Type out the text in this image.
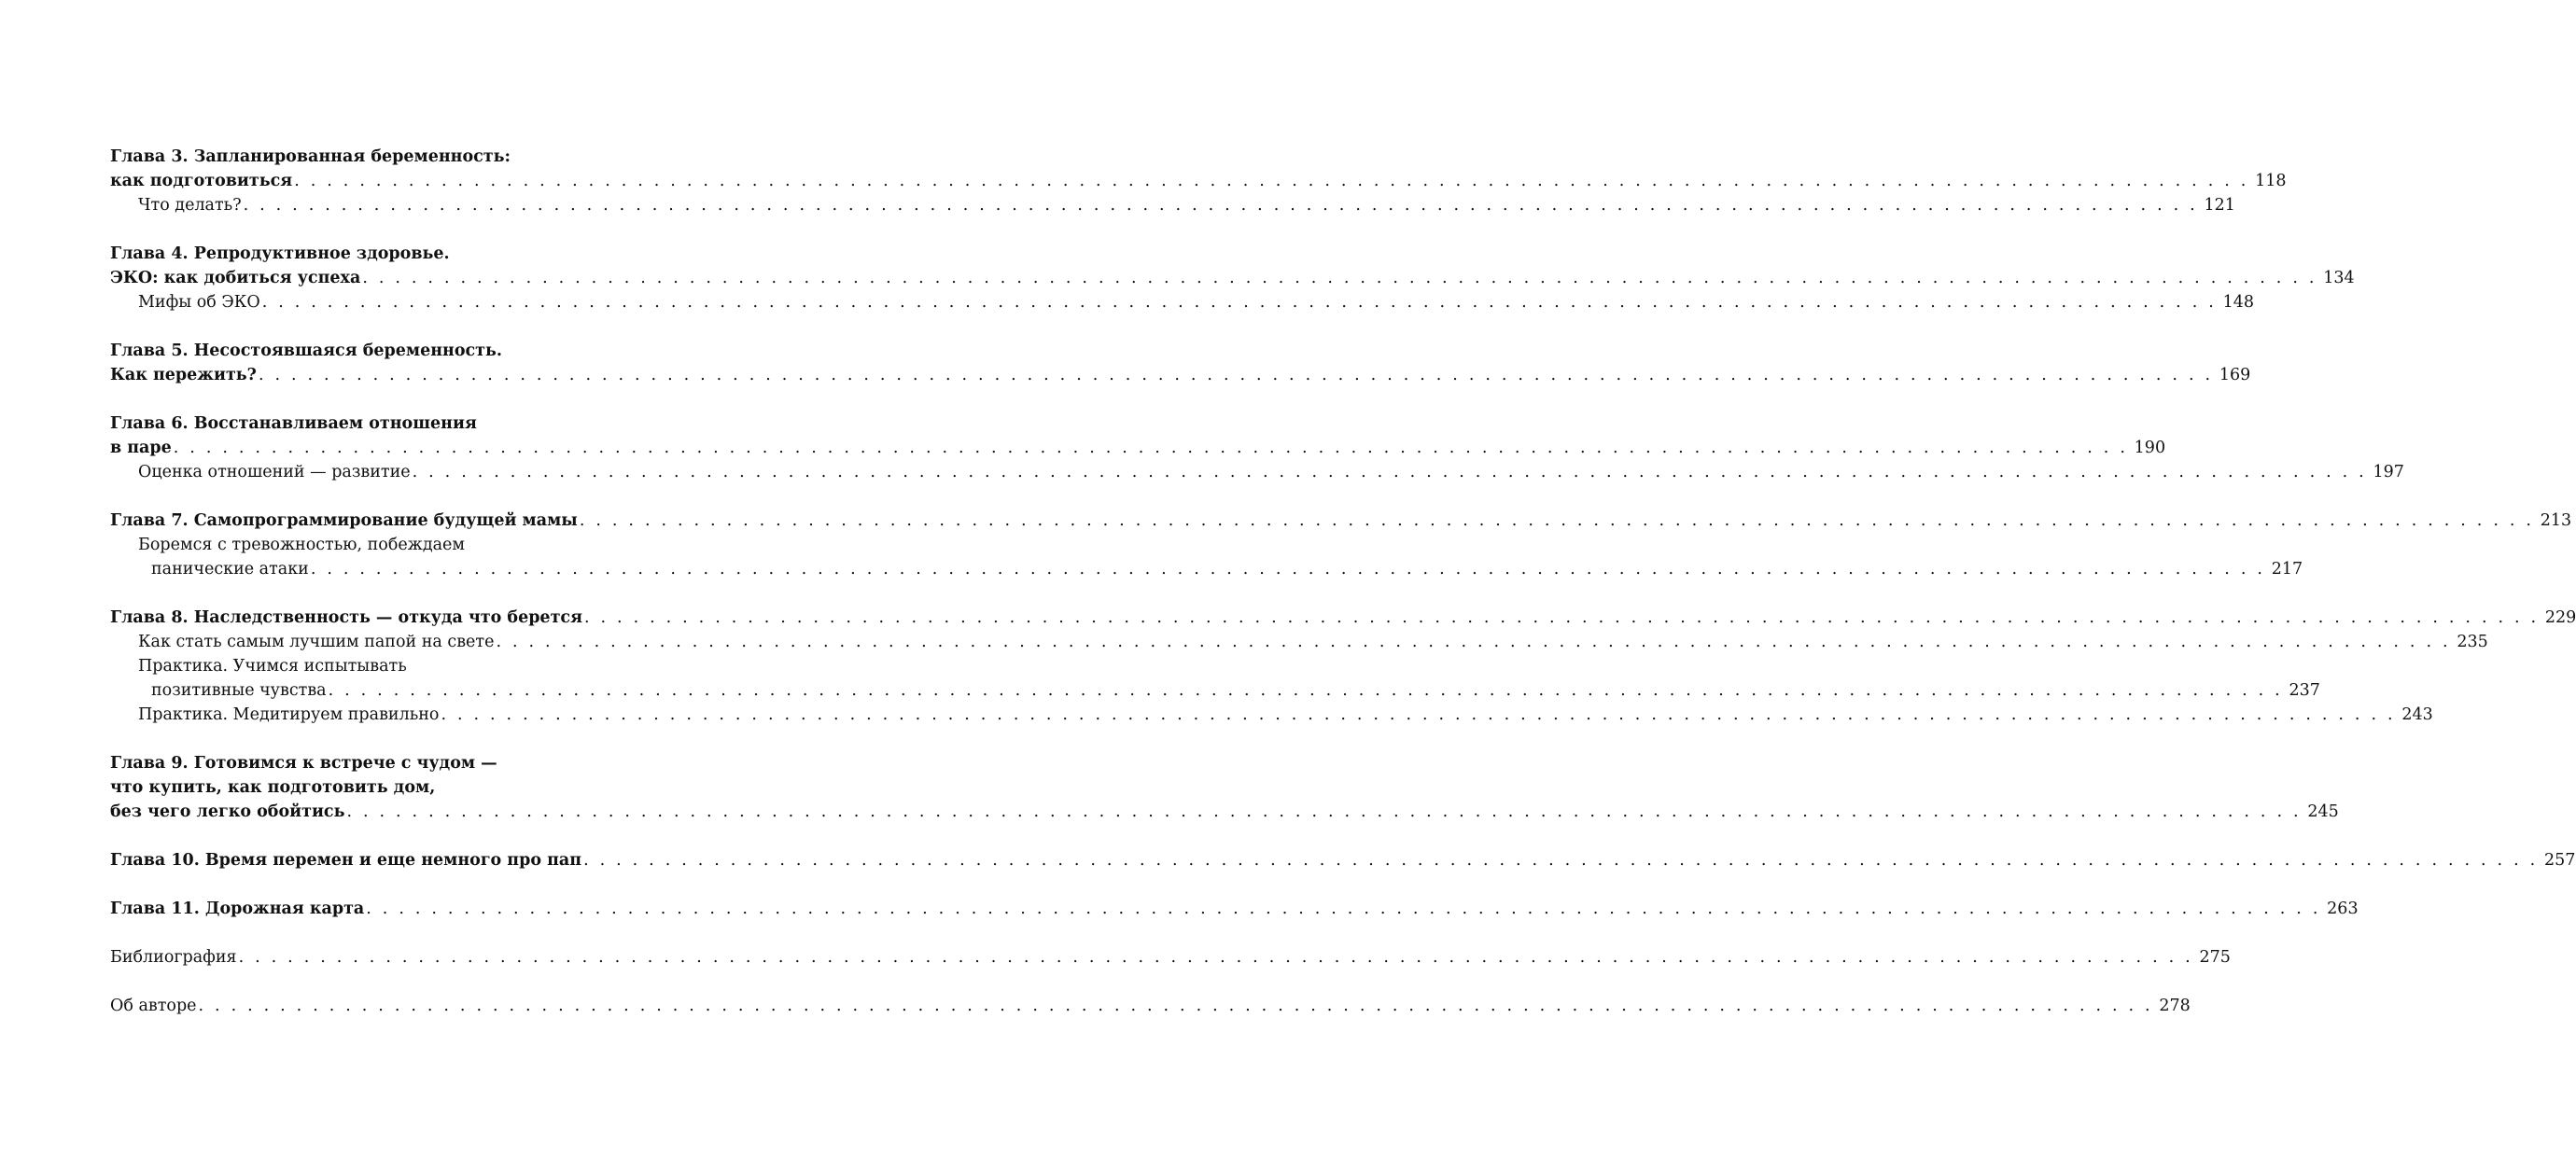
Глава 3. Запланированная беременность:
как подготовиться . . . . . . . . . . . . . . . . . . . . . . . . . . . . . . . . . . . . . . . . . . . . . . . . . . . . . . . . . . . . . . . . . . . . . . . . . . . . . . . . . . . . . . . . . . . . . . . . . . . . . . . . . . . . . . . . . . . . . . . . 118
Что делать? . . . . . . . . . . . . . . . . . . . . . . . . . . . . . . . . . . . . . . . . . . . . . . . . . . . . . . . . . . . . . . . . . . . . . . . . . . . . . . . . . . . . . . . . . . . . . . . . . . . . . . . . . . . . . . . . . . . . . . . . 121
Глава 4. Репродуктивное здоровье.
ЭКО: как добиться успеха . . . . . . . . . . . . . . . . . . . . . . . . . . . . . . . . . . . . . . . . . . . . . . . . . . . . . . . . . . . . . . . . . . . . . . . . . . . . . . . . . . . . . . . . . . . . . . . . . . . . . . . . . . . . . . . . . . . . . . . . 134
Мифы об ЭКО . . . . . . . . . . . . . . . . . . . . . . . . . . . . . . . . . . . . . . . . . . . . . . . . . . . . . . . . . . . . . . . . . . . . . . . . . . . . . . . . . . . . . . . . . . . . . . . . . . . . . . . . . . . . . . . . . . . . . . . . 148
Глава 5. Несостоявшаяся беременность.
Как пережить? . . . . . . . . . . . . . . . . . . . . . . . . . . . . . . . . . . . . . . . . . . . . . . . . . . . . . . . . . . . . . . . . . . . . . . . . . . . . . . . . . . . . . . . . . . . . . . . . . . . . . . . . . . . . . . . . . . . . . . . . 169
Глава 6. Восстанавливаем отношения
в паре . . . . . . . . . . . . . . . . . . . . . . . . . . . . . . . . . . . . . . . . . . . . . . . . . . . . . . . . . . . . . . . . . . . . . . . . . . . . . . . . . . . . . . . . . . . . . . . . . . . . . . . . . . . . . . . . . . . . . . . . 190
Оценка отношений — развитие . . . . . . . . . . . . . . . . . . . . . . . . . . . . . . . . . . . . . . . . . . . . . . . . . . . . . . . . . . . . . . . . . . . . . . . . . . . . . . . . . . . . . . . . . . . . . . . . . . . . . . . . . . . . . . . . . . . . . . . . 197
Глава 7. Самопрограммирование будущей мамы . . . . . . . . . . . . . . . . . . . . . . . . . . . . . . . . . . . . . . . . . . . . . . . . . . . . . . . . . . . . . . . . . . . . . . . . . . . . . . . . . . . . . . . . . . . . . . . . . . . . . . . . . . . . . . . . . . . . . . . . 213
Боремся с тревожностью, побеждаем
панические атаки . . . . . . . . . . . . . . . . . . . . . . . . . . . . . . . . . . . . . . . . . . . . . . . . . . . . . . . . . . . . . . . . . . . . . . . . . . . . . . . . . . . . . . . . . . . . . . . . . . . . . . . . . . . . . . . . . . . . . . . . 217
Глава 8. Наследственность — откуда что берется . . . . . . . . . . . . . . . . . . . . . . . . . . . . . . . . . . . . . . . . . . . . . . . . . . . . . . . . . . . . . . . . . . . . . . . . . . . . . . . . . . . . . . . . . . . . . . . . . . . . . . . . . . . . . . . . . . . . . . . . 229
Как стать самым лучшим папой на свете . . . . . . . . . . . . . . . . . . . . . . . . . . . . . . . . . . . . . . . . . . . . . . . . . . . . . . . . . . . . . . . . . . . . . . . . . . . . . . . . . . . . . . . . . . . . . . . . . . . . . . . . . . . . . . . . . . . . . . . . 235
Практика. Учимся испытывать
позитивные чувства . . . . . . . . . . . . . . . . . . . . . . . . . . . . . . . . . . . . . . . . . . . . . . . . . . . . . . . . . . . . . . . . . . . . . . . . . . . . . . . . . . . . . . . . . . . . . . . . . . . . . . . . . . . . . . . . . . . . . . . . 237
Практика. Медитируем правильно . . . . . . . . . . . . . . . . . . . . . . . . . . . . . . . . . . . . . . . . . . . . . . . . . . . . . . . . . . . . . . . . . . . . . . . . . . . . . . . . . . . . . . . . . . . . . . . . . . . . . . . . . . . . . . . . . . . . . . . . 243
Глава 9. Готовимся к встрече с чудом —
что купить, как подготовить дом,
без чего легко обойтись . . . . . . . . . . . . . . . . . . . . . . . . . . . . . . . . . . . . . . . . . . . . . . . . . . . . . . . . . . . . . . . . . . . . . . . . . . . . . . . . . . . . . . . . . . . . . . . . . . . . . . . . . . . . . . . . . . . . . . . . 245
Глава 10. Время перемен и еще немного про пап . . . . . . . . . . . . . . . . . . . . . . . . . . . . . . . . . . . . . . . . . . . . . . . . . . . . . . . . . . . . . . . . . . . . . . . . . . . . . . . . . . . . . . . . . . . . . . . . . . . . . . . . . . . . . . . . . . . . . . . . 257
Глава 11. Дорожная карта . . . . . . . . . . . . . . . . . . . . . . . . . . . . . . . . . . . . . . . . . . . . . . . . . . . . . . . . . . . . . . . . . . . . . . . . . . . . . . . . . . . . . . . . . . . . . . . . . . . . . . . . . . . . . . . . . . . . . . . . 263
Библиография . . . . . . . . . . . . . . . . . . . . . . . . . . . . . . . . . . . . . . . . . . . . . . . . . . . . . . . . . . . . . . . . . . . . . . . . . . . . . . . . . . . . . . . . . . . . . . . . . . . . . . . . . . . . . . . . . . . . . . . . 275
Об авторе . . . . . . . . . . . . . . . . . . . . . . . . . . . . . . . . . . . . . . . . . . . . . . . . . . . . . . . . . . . . . . . . . . . . . . . . . . . . . . . . . . . . . . . . . . . . . . . . . . . . . . . . . . . . . . . . . . . . . . . . 278
